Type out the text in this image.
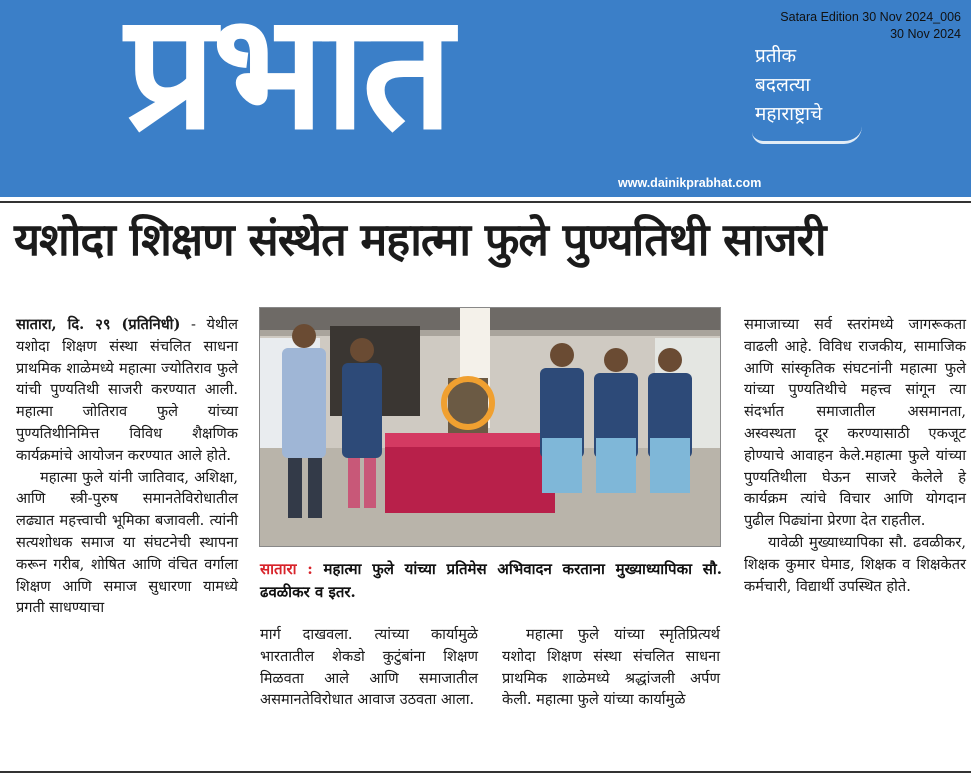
प्रभात	प्रतीक
बदलत्या
महाराष्ट्राचे
Satara Edition 30 Nov 2024_006
30 Nov 2024
www.dainikprabhat.com
यशोदा शिक्षण संस्थेत महात्मा फुले पुण्यतिथी साजरी

सातारा, दि. २९ (प्रतिनिधी) - येथील यशोदा शिक्षण संस्था संचलित साधना प्राथमिक शाळेमध्ये महात्मा ज्योतिराव फुले यांची पुण्यतिथी साजरी करण्यात आली. महात्मा जोतिराव फुले यांच्या पुण्यतिथीनिमित्त विविध शैक्षणिक कार्यक्रमांचे आयोजन करण्यात आले होते.

महात्मा फुले यांनी जातिवाद, अशिक्षा, आणि स्त्री-पुरुष समानतेविरोधातील लढ्यात महत्त्वाची भूमिका बजावली. त्यांनी सत्यशोधक समाज या संघटनेची स्थापना करून गरीब, शोषित आणि वंचित वर्गाला शिक्षण आणि समाज सुधारणा यामध्ये प्रगती साधण्याचा

सातारा : महात्मा फुले यांच्या प्रतिमेस अभिवादन करताना मुख्याध्यापिका सौ. ढवळीकर व इतर.

मार्ग दाखवला. त्यांच्या कार्यामुळे भारतातील शेकडो कुटुंबांना शिक्षण मिळवता आले आणि समाजातील असमानतेविरोधात आवाज उठवता आला.

महात्मा फुले यांच्या स्मृतिप्रित्यर्थ यशोदा शिक्षण संस्था संचलित साधना प्राथमिक शाळेमध्ये श्रद्धांजली अर्पण केली. महात्मा फुले यांच्या कार्यामुळे

समाजाच्या सर्व स्तरांमध्ये जागरूकता वाढली आहे. विविध राजकीय, सामाजिक आणि सांस्कृतिक संघटनांनी महात्मा फुले यांच्या पुण्यतिथीचे महत्त्व सांगून त्या संदर्भात समाजातील असमानता, अस्वस्थता दूर करण्यासाठी एकजूट होण्याचे आवाहन केले.महात्मा फुले यांच्या पुण्यतिथीला घेऊन साजरे केलेले हे कार्यक्रम त्यांचे विचार आणि योगदान पुढील पिढ्यांना प्रेरणा देत राहतील.

यावेळी मुख्याध्यापिका सौ. ढवळीकर, शिक्षक कुमार घेमाड, शिक्षक व शिक्षकेतर कर्मचारी, विद्यार्थी उपस्थित होते.
